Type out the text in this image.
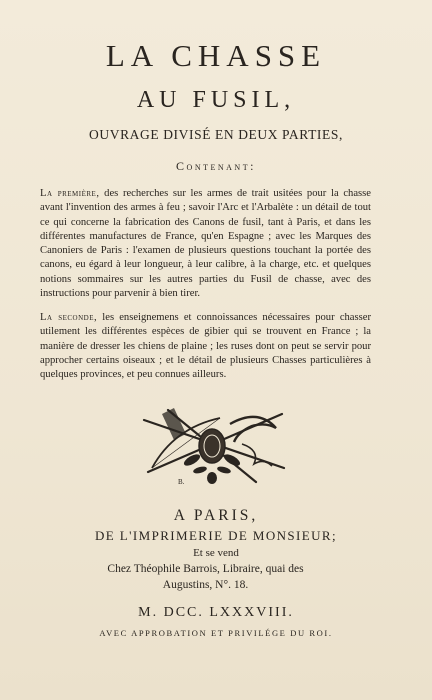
LA CHASSE
AU FUSIL,
OUVRAGE DIVISÉ EN DEUX PARTIES,
Contenant:
La première, des recherches sur les armes de trait usitées pour la chasse avant l'invention des armes à feu ; savoir l'Arc et l'Arbalète : un détail de tout ce qui concerne la fabrication des Canons de fusil, tant à Paris, et dans les différentes manufactures de France, qu'en Espagne ; avec les Marques des Canoniers de Paris : l'examen de plusieurs questions touchant la portée des canons, eu égard à leur longueur, à leur calibre, à la charge, etc. et quelques notions sommaires sur les autres parties du Fusil de chasse, avec des instructions pour parvenir à bien tirer.
La seconde, les enseignemens et connoissances nécessaires pour chasser utilement les différentes espèces de gibier qui se trouvent en France ; la manière de dresser les chiens de plaine ; les ruses dont on peut se servir pour approcher certains oiseaux ; et le détail de plusieurs Chasses particulières à quelques provinces, et peu connues ailleurs.
B.
A PARIS,
DE L'IMPRIMERIE DE MONSIEUR;
Et se vend
Chez Théophile Barrois, Libraire, quai des
Augustins, N°. 18.
M. DCC. LXXXVIII.
AVEC APPROBATION ET PRIVILÉGE DU ROI.
